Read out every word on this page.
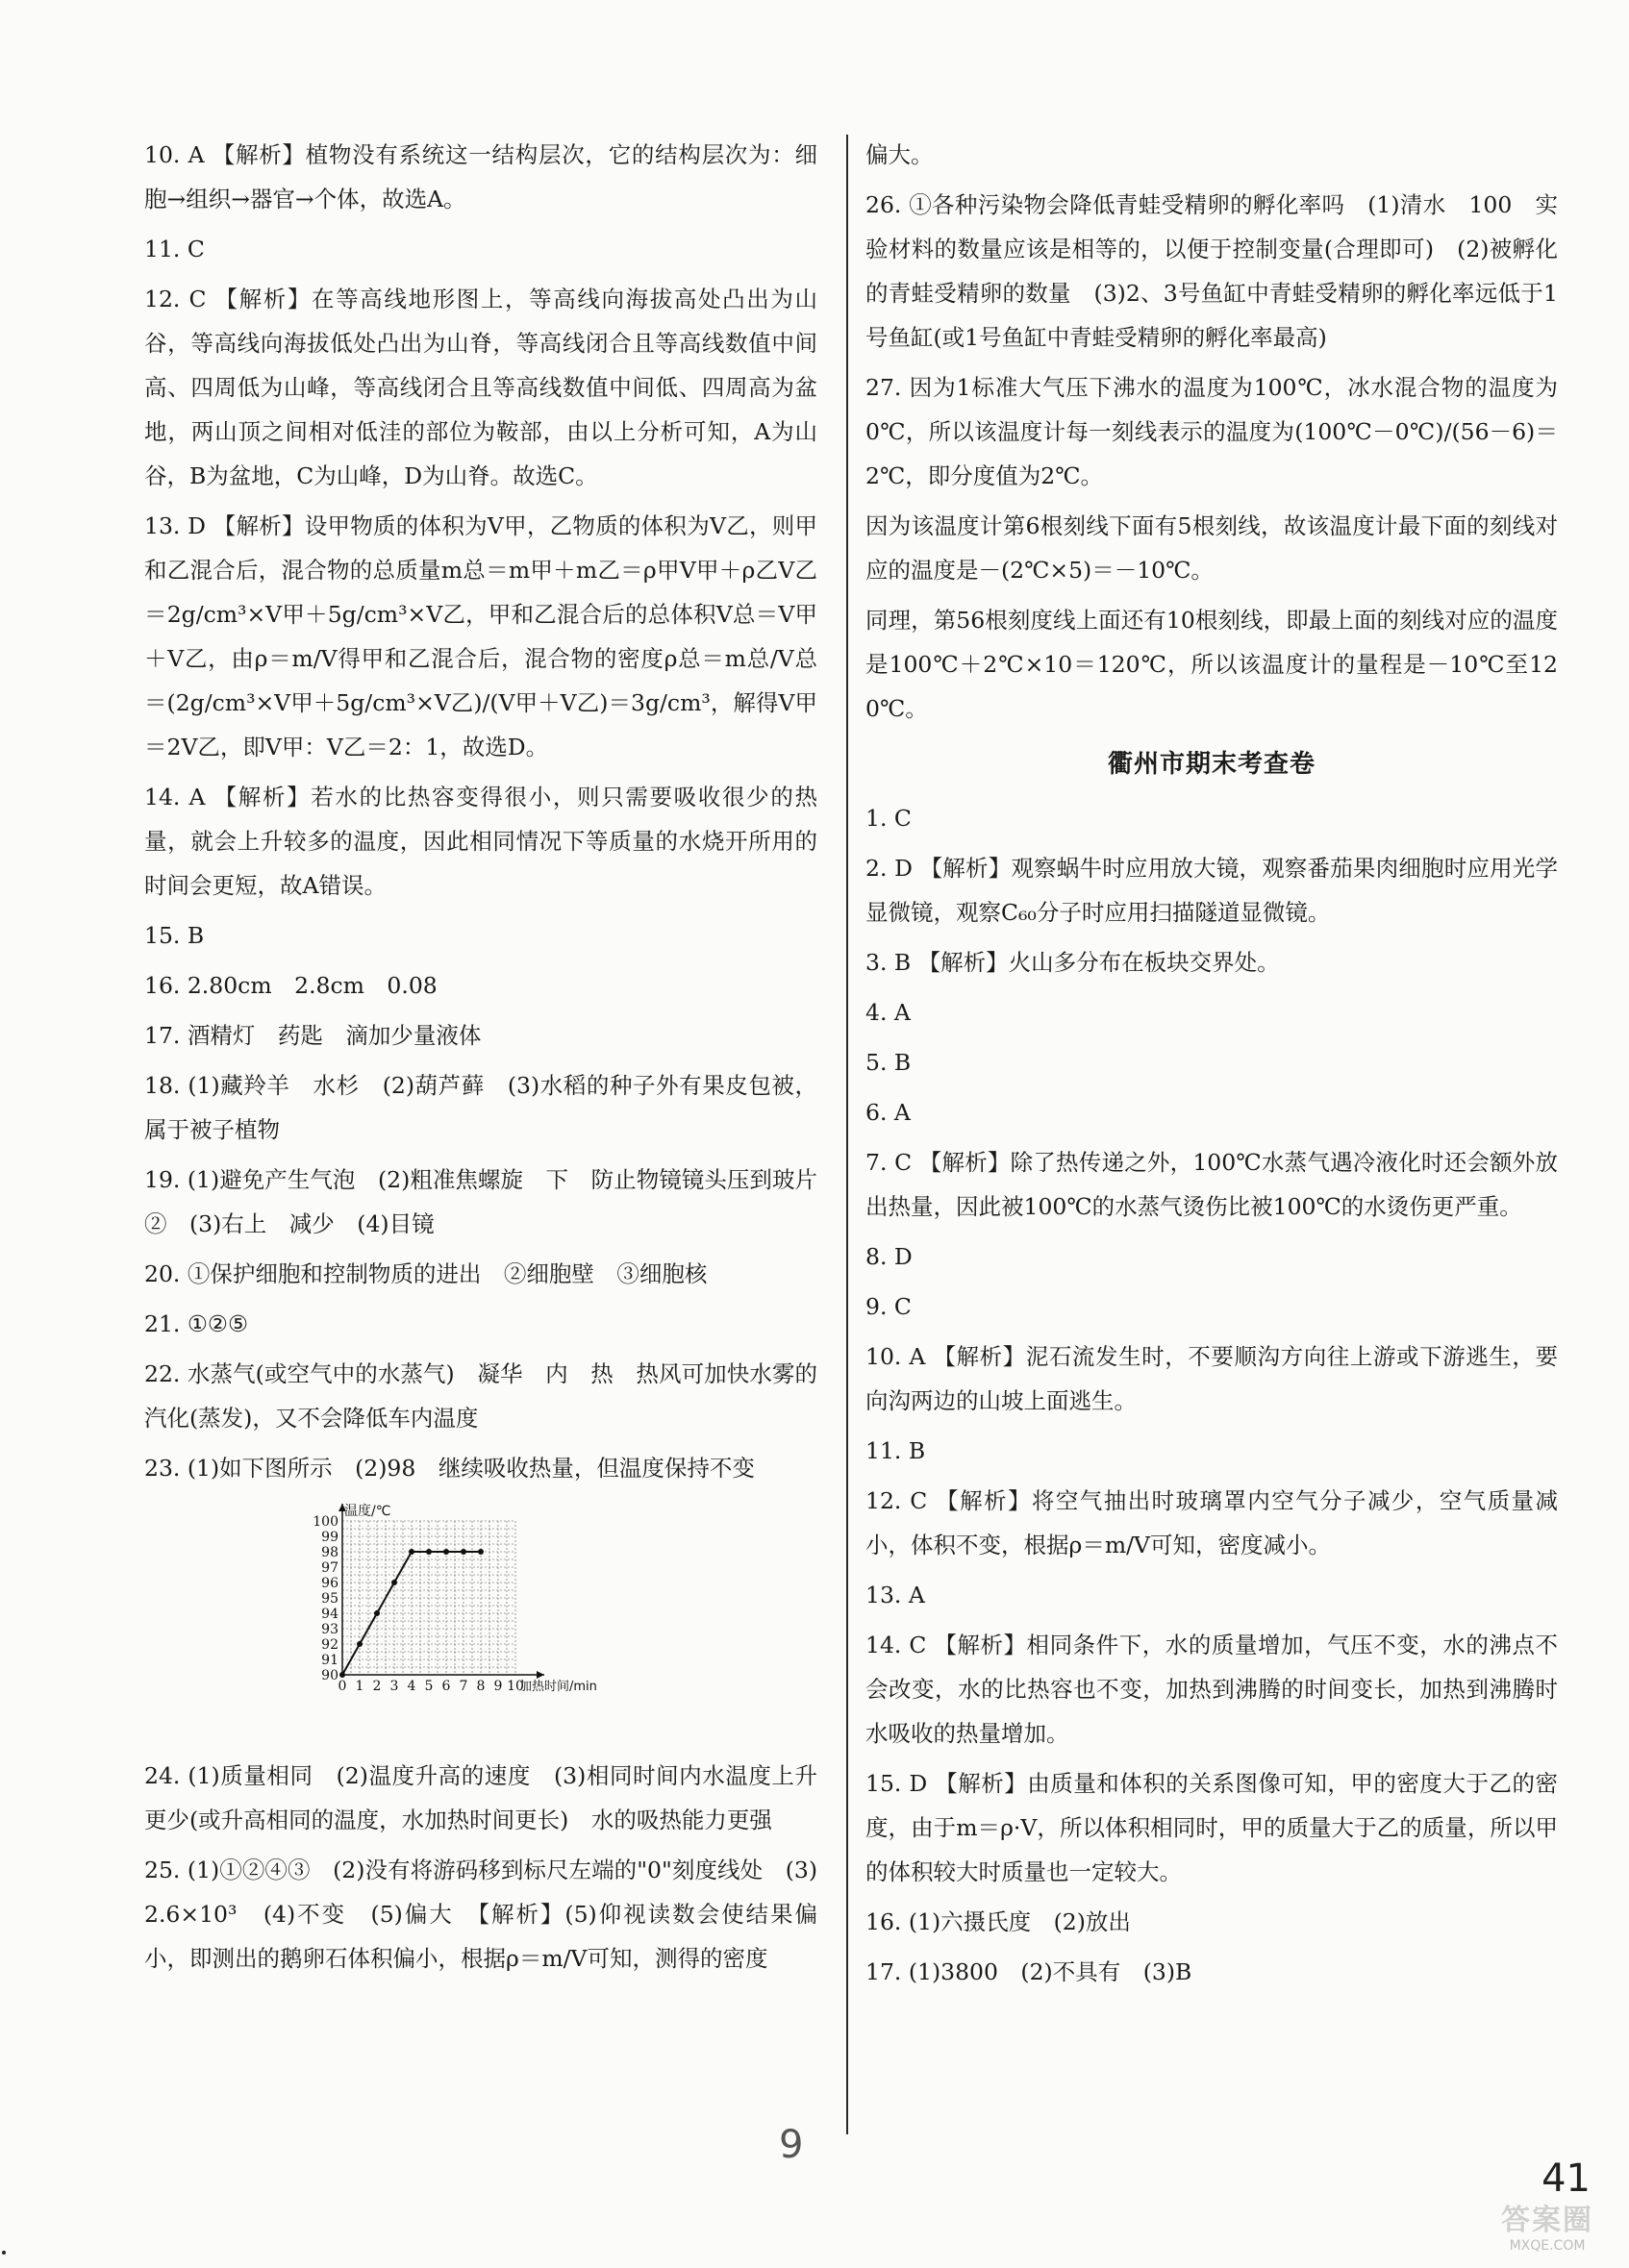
10. A 【解析】植物没有系统这一结构层次，它的结构层次为：细胞→组织→器官→个体，故选A。
11. C
12. C 【解析】在等高线地形图上，等高线向海拔高处凸出为山谷，等高线向海拔低处凸出为山脊，等高线闭合且等高线数值中间高、四周低为山峰，等高线闭合且等高线数值中间低、四周高为盆地，两山顶之间相对低洼的部位为鞍部，由以上分析可知，A为山谷，B为盆地，C为山峰，D为山脊。故选C。
13. D 【解析】设甲物质的体积为V甲，乙物质的体积为V乙，则甲和乙混合后，混合物的总质量m总＝m甲＋m乙＝ρ甲V甲＋ρ乙V乙＝2g/cm³×V甲＋5g/cm³×V乙，甲和乙混合后的总体积V总＝V甲＋V乙，由ρ＝m/V得甲和乙混合后，混合物的密度ρ总＝m总/V总＝(2g/cm³×V甲＋5g/cm³×V乙)/(V甲＋V乙)＝3g/cm³，解得V甲＝2V乙，即V甲：V乙＝2：1，故选D。
14. A 【解析】若水的比热容变得很小，则只需要吸收很少的热量，就会上升较多的温度，因此相同情况下等质量的水烧开所用的时间会更短，故A错误。
15. B
16. 2.80cm　2.8cm　0.08
17. 酒精灯　药匙　滴加少量液体
18. (1)藏羚羊　水杉　(2)葫芦藓　(3)水稻的种子外有果皮包被，属于被子植物
19. (1)避免产生气泡　(2)粗准焦螺旋　下　防止物镜镜头压到玻片　②　(3)右上　减少　(4)目镜
20. ①保护细胞和控制物质的进出　②细胞壁　③细胞核
21. ①②⑤
22. 水蒸气(或空气中的水蒸气)　凝华　内　热　热风可加快水雾的汽化(蒸发)，又不会降低车内温度
23. (1)如下图所示　(2)98　继续吸收热量，但温度保持不变
90
91
92
93
94
95
96
97
98
99
100
0 1 2 3 4 5 6 7 8 9 10
温度/℃
加热时间/min
24. (1)质量相同　(2)温度升高的速度　(3)相同时间内水温度上升更少(或升高相同的温度，水加热时间更长)　水的吸热能力更强
25. (1)①②④③　(2)没有将游码移到标尺左端的"0"刻度线处　(3)2.6×10³　(4)不变　(5)偏大　【解析】(5)仰视读数会使结果偏小，即测出的鹅卵石体积偏小，根据ρ＝m/V可知，测得的密度
偏大。
26. ①各种污染物会降低青蛙受精卵的孵化率吗　(1)清水　100　实验材料的数量应该是相等的，以便于控制变量(合理即可)　(2)被孵化的青蛙受精卵的数量　(3)2、3号鱼缸中青蛙受精卵的孵化率远低于1号鱼缸(或1号鱼缸中青蛙受精卵的孵化率最高)
27. 因为1标准大气压下沸水的温度为100℃，冰水混合物的温度为0℃，所以该温度计每一刻线表示的温度为(100℃－0℃)/(56－6)＝2℃，即分度值为2℃。
因为该温度计第6根刻线下面有5根刻线，故该温度计最下面的刻线对应的温度是－(2℃×5)＝－10℃。
同理，第56根刻度线上面还有10根刻线，即最上面的刻线对应的温度是100℃＋2℃×10＝120℃，所以该温度计的量程是－10℃至120℃。
衢州市期末考查卷
1. C
2. D 【解析】观察蜗牛时应用放大镜，观察番茄果肉细胞时应用光学显微镜，观察C₆₀分子时应用扫描隧道显微镜。
3. B 【解析】火山多分布在板块交界处。
4. A
5. B
6. A
7. C 【解析】除了热传递之外，100℃水蒸气遇冷液化时还会额外放出热量，因此被100℃的水蒸气烫伤比被100℃的水烫伤更严重。
8. D
9. C
10. A 【解析】泥石流发生时，不要顺沟方向往上游或下游逃生，要向沟两边的山坡上面逃生。
11. B
12. C 【解析】将空气抽出时玻璃罩内空气分子减少，空气质量减小，体积不变，根据ρ＝m/V可知，密度减小。
13. A
14. C 【解析】相同条件下，水的质量增加，气压不变，水的沸点不会改变，水的比热容也不变，加热到沸腾的时间变长，加热到沸腾时水吸收的热量增加。
15. D 【解析】由质量和体积的关系图像可知，甲的密度大于乙的密度，由于m＝ρ·V，所以体积相同时，甲的质量大于乙的质量，所以甲的体积较大时质量也一定较大。
16. (1)六摄氏度　(2)放出
17. (1)3800　(2)不具有　(3)B
9
41
答案圈
MXQE.COM
